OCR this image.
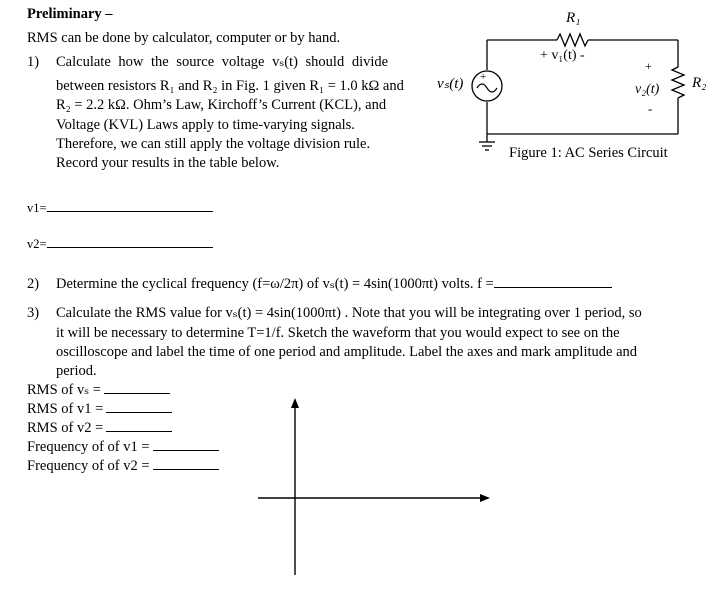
Preliminary –
RMS can be done by calculator, computer or by hand.
1) Calculate how the source voltage vₛ(t) should divide
between resistors R₁ and R₂ in Fig. 1 given R₁ = 1.0 kΩ and
R₂ = 2.2 kΩ. Ohm’s Law, Kirchoff’s Current (KCL), and
Voltage (KVL) Laws apply to time-varying signals.
Therefore, we can still apply the voltage division rule.
Record your results in the table below.
v1=
v2=
2) Determine the cyclical frequency (f=ω/2π) of vₛ(t) = 4sin(1000πt) volts. f =
3) Calculate the RMS value for vₛ(t) = 4sin(1000πt) . Note that you will be integrating over 1 period, so
it will be necessary to determine T=1/f. Sketch the waveform that you would expect to see on the
oscilloscope and label the time of one period and amplitude. Label the axes and mark amplitude and
period.
RMS of vₛ =
RMS of v1 =
RMS of v2 =
Frequency of of v1 =
Frequency of of v2 =
+
vₛ(t)
R₁
+ v₁(t) -
+
v₂(t)
-
R₂
Figure 1: AC Series Circuit
